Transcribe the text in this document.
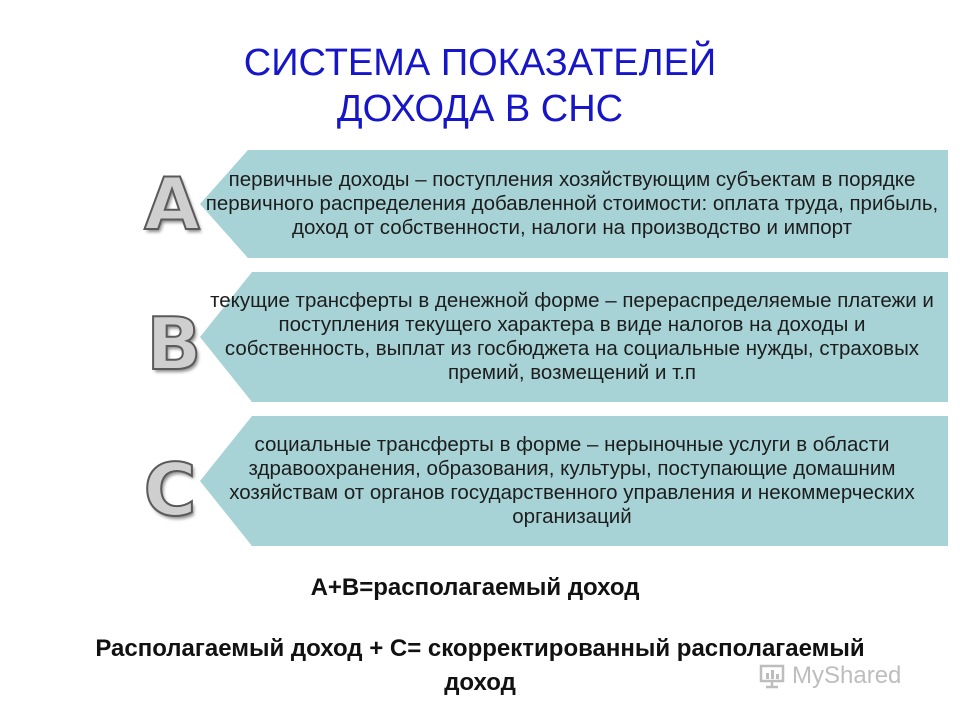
СИСТЕМА ПОКАЗАТЕЛЕЙ
ДОХОДА В СНС
первичные доходы – поступления хозяйствующим субъектам в порядке первичного распределения добавленной стоимости: оплата труда, прибыль, доход от собственности, налоги на производство и импорт
А
текущие трансферты в денежной форме – перераспределяемые платежи и поступления текущего характера в виде налогов на доходы и собственность, выплат из госбюджета на социальные нужды, страховых премий, возмещений и т.п
В
социальные трансферты в форме – нерыночные услуги в области здравоохранения, образования, культуры, поступающие домашним хозяйствам от органов государственного управления и некоммерческих организаций
С
А+В=располагаемый доход
Располагаемый доход + С= скорректированный располагаемый доход	MyShared
